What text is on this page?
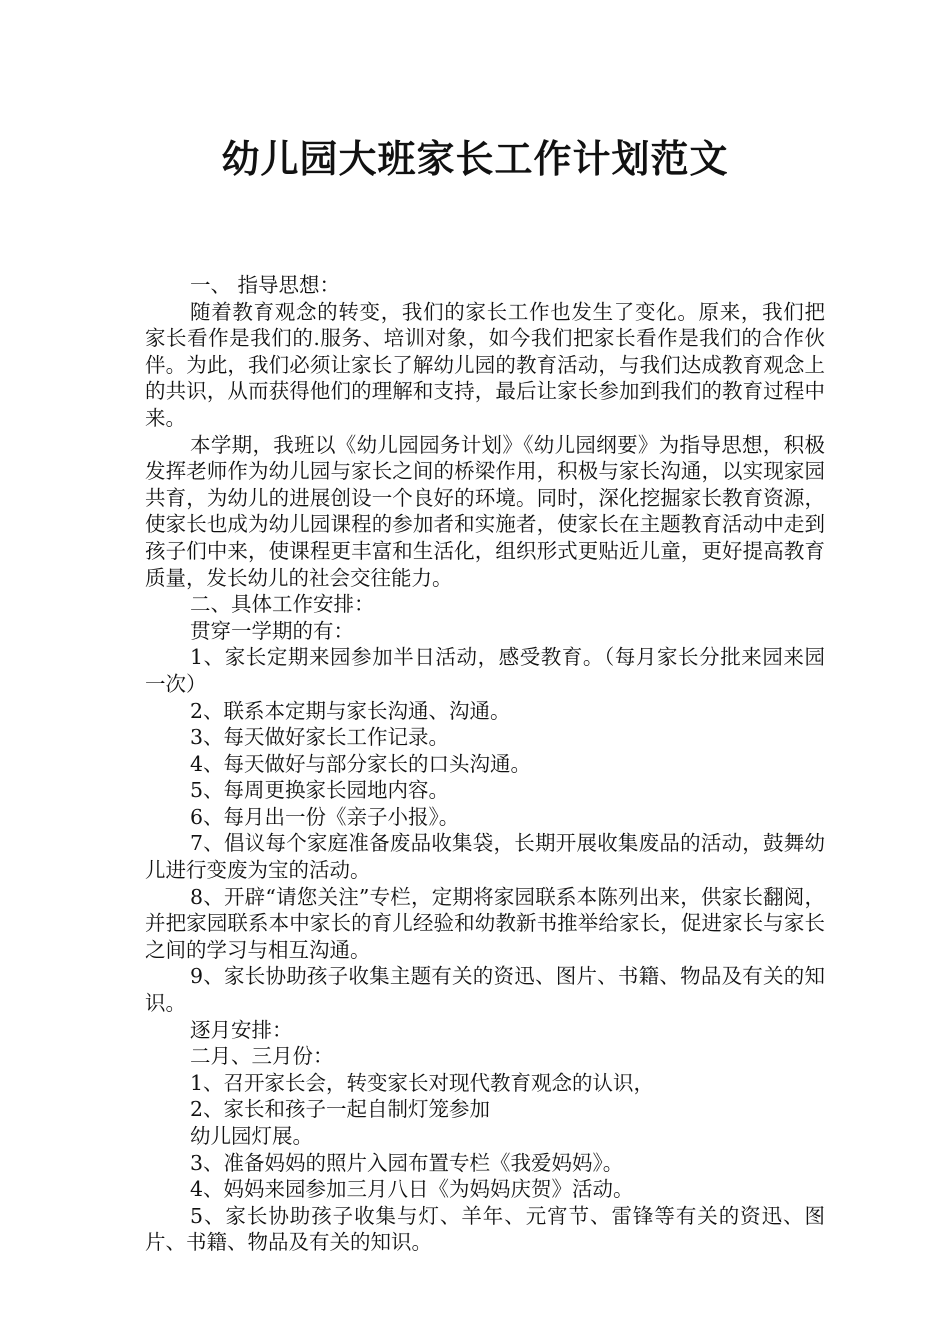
幼儿园大班家长工作计划范文

一、 指导思想：

随着教育观念的转变，我们的家长工作也发生了变化。原来，我们把家长看作是我们的.服务、培训对象，如今我们把家长看作是我们的合作伙伴。为此，我们必须让家长了解幼儿园的教育活动，与我们达成教育观念上的共识，从而获得他们的理解和支持，最后让家长参加到我们的教育过程中来。

本学期，我班以《幼儿园园务计划》《幼儿园纲要》为指导思想，积极发挥老师作为幼儿园与家长之间的桥梁作用，积极与家长沟通，以实现家园共育，为幼儿的进展创设一个良好的环境。同时，深化挖掘家长教育资源，使家长也成为幼儿园课程的参加者和实施者，使家长在主题教育活动中走到孩子们中来，使课程更丰富和生活化，组织形式更贴近儿童，更好提高教育质量，发长幼儿的社会交往能力。

二、具体工作安排：

贯穿一学期的有：

1、家长定期来园参加半日活动，感受教育。（每月家长分批来园来园一次）

2、联系本定期与家长沟通、沟通。

3、每天做好家长工作记录。

4、每天做好与部分家长的口头沟通。

5、每周更换家长园地内容。

6、每月出一份《亲子小报》。

7、倡议每个家庭准备废品收集袋，长期开展收集废品的活动，鼓舞幼儿进行变废为宝的活动。

8、开辟“请您关注”专栏，定期将家园联系本陈列出来，供家长翻阅，并把家园联系本中家长的育儿经验和幼教新书推举给家长，促进家长与家长之间的学习与相互沟通。

9、家长协助孩子收集主题有关的资迅、图片、书籍、物品及有关的知识。

逐月安排：

二月、三月份：

1、召开家长会，转变家长对现代教育观念的认识，

2、家长和孩子一起自制灯笼参加

幼儿园灯展。

3、准备妈妈的照片入园布置专栏《我爱妈妈》。

4、妈妈来园参加三月八日《为妈妈庆贺》活动。

5、家长协助孩子收集与灯、羊年、元宵节、雷锋等有关的资迅、图片、书籍、物品及有关的知识。
